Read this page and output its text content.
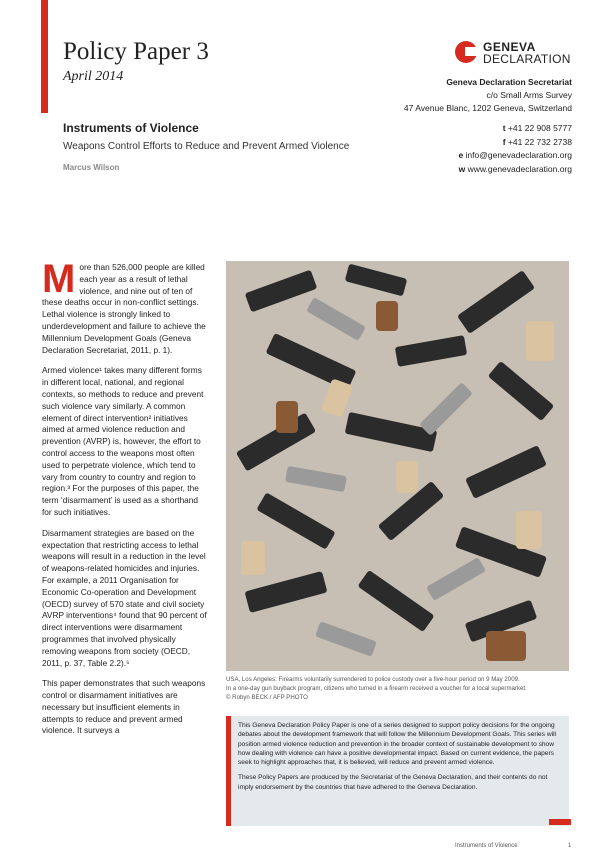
Policy Paper 3
April 2014
GENEVA
DECLARATION
Geneva Declaration Secretariat
c/o Small Arms Survey
47 Avenue Blanc, 1202 Geneva, Switzerland
t +41 22 908 5777
f +41 22 732 2738
e info@genevadeclaration.org
w www.genevadeclaration.org
Instruments of Violence
Weapons Control Efforts to Reduce and Prevent Armed Violence
Marcus Wilson

More than 526,000 people are killed each year as a result of lethal violence, and nine out of ten of these deaths occur in non-conflict settings. Lethal violence is strongly linked to underdevelopment and failure to achieve the Millennium Development Goals (Geneva Declaration Secretariat, 2011, p. 1).

Armed violence¹ takes many different forms in different local, national, and regional contexts, so methods to reduce and prevent such violence vary similarly. A common element of direct intervention² initiatives aimed at armed violence reduction and prevention (AVRP) is, however, the effort to control access to the weapons most often used to perpetrate violence, which tend to vary from country to country and region to region.³ For the purposes of this paper, the term ‘disarmament’ is used as a shorthand for such initiatives.

Disarmament strategies are based on the expectation that restricting access to lethal weapons will result in a reduction in the level of weapons-related homicides and injuries. For example, a 2011 Organisation for Economic Co-operation and Development (OECD) survey of 570 state and civil society AVRP interventions⁴ found that 90 percent of direct interventions were disarmament programmes that involved physically removing weapons from society (OECD, 2011, p. 37, Table 2.2).⁵

This paper demonstrates that such weapons control or disarmament initiatives are necessary but insufficient elements in attempts to reduce and prevent armed violence. It surveys a

USA, Los Angeles: Firearms voluntarily surrendered to police custody over a five-hour period on 9 May 2009.
In a one-day gun buyback program, citizens who turned in a firearm received a voucher for a local supermarket.
© Robyn BECK / AFP PHOTO

This Geneva Declaration Policy Paper is one of a series designed to support policy decisions for the ongoing debates about the development framework that will follow the Millennium Development Goals. This series will position armed violence reduction and prevention in the broader context of sustainable development to show how dealing with violence can have a positive developmental impact. Based on current evidence, the papers seek to highlight approaches that, it is believed, will reduce and prevent armed violence.

These Policy Papers are produced by the Secretariat of the Geneva Declaration, and their contents do not imply endorsement by the countries that have adhered to the Geneva Declaration.

Instruments of Violence	1
